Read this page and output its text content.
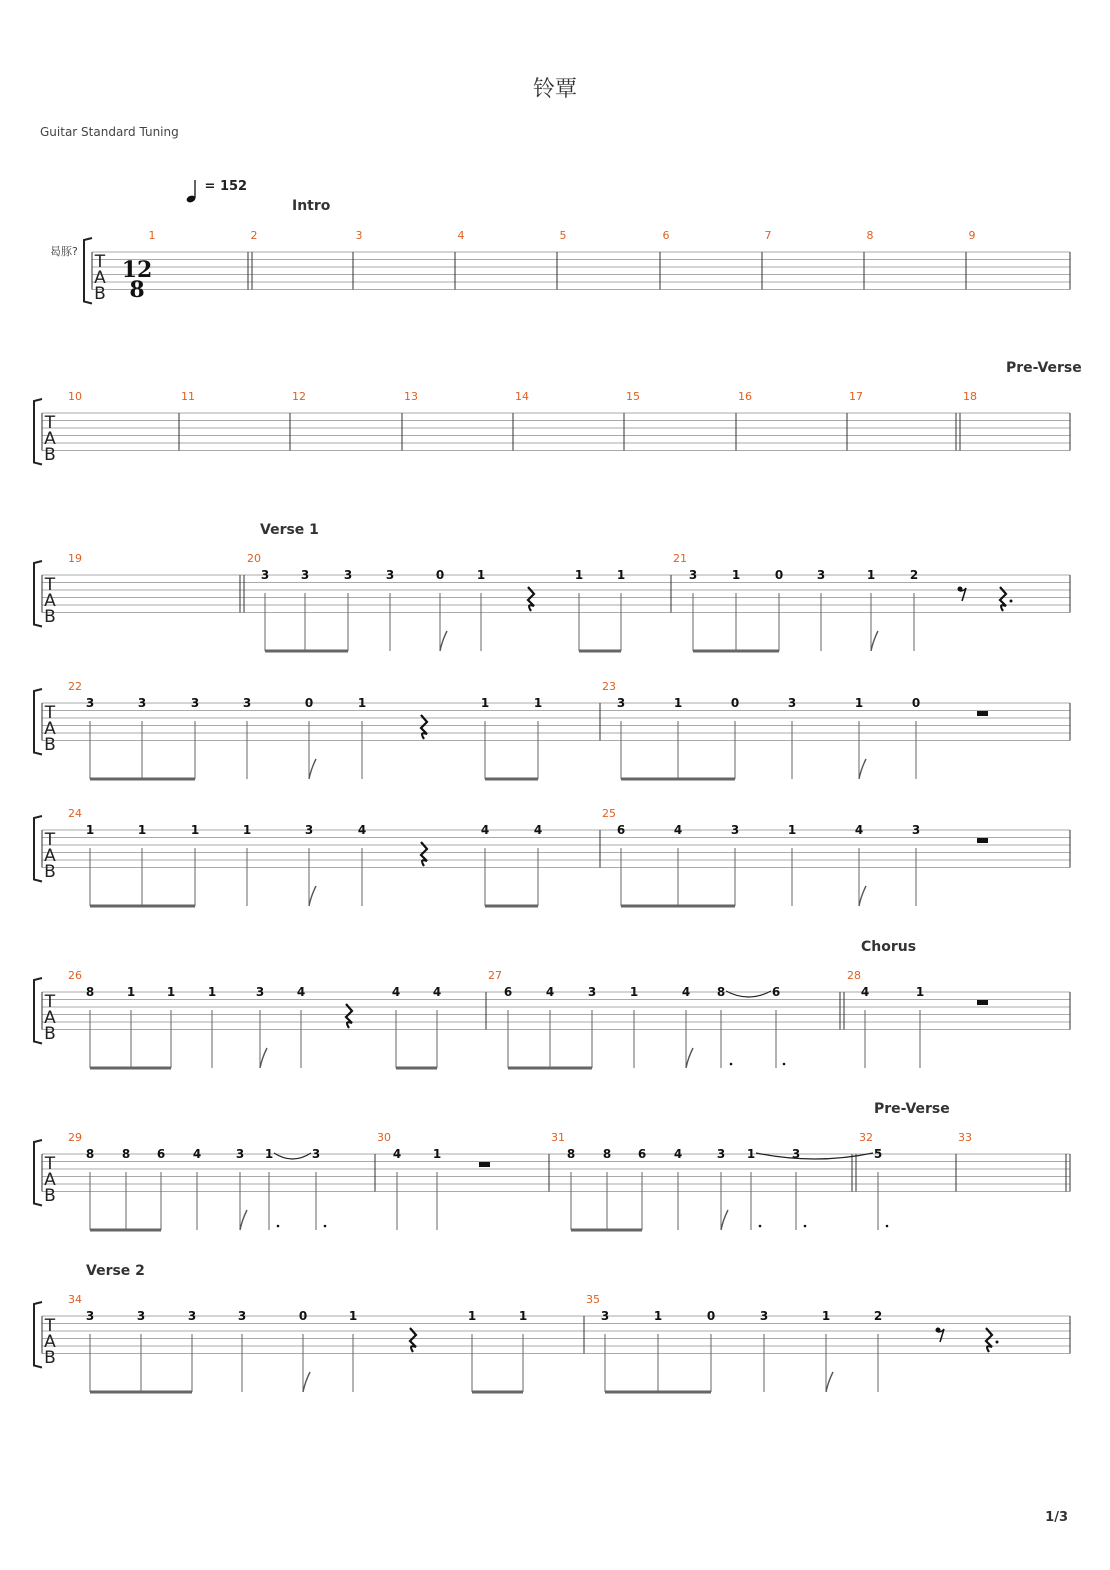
铃覃
Guitar Standard Tuning
曷豚?
= 152
Intro
Pre-Verse
Verse 1
Chorus
Pre-Verse
Verse 2
1/3
T
A
B
12
8
1	2	3	4	5	6	7	8	9
T
A
B
10	11	12	13	14	15	16	17	18
T
A
B
19	20	21
3	3	3	3	0	1	1	1	3	1	0	3	1	2
T
A
B
22	23
3	3	3	3	0	1	1	1	3	1	0	3	1	0
T
A
B
24	25
1	1	1	1	3	4	4	4	6	4	3	1	4	3
T
A
B
26	27	28
8	1	1	1	3	4	4	4	6	4	3	1	4 8	6	4	1
T
A
B
29	30	31	32	33
8 8 6 4	3 1	3	4	1	8 8 6 4	3 1	3	5
T
A
B
34	35
3	3	3	3	0	1	1	1	3	1	0	3	1	2
